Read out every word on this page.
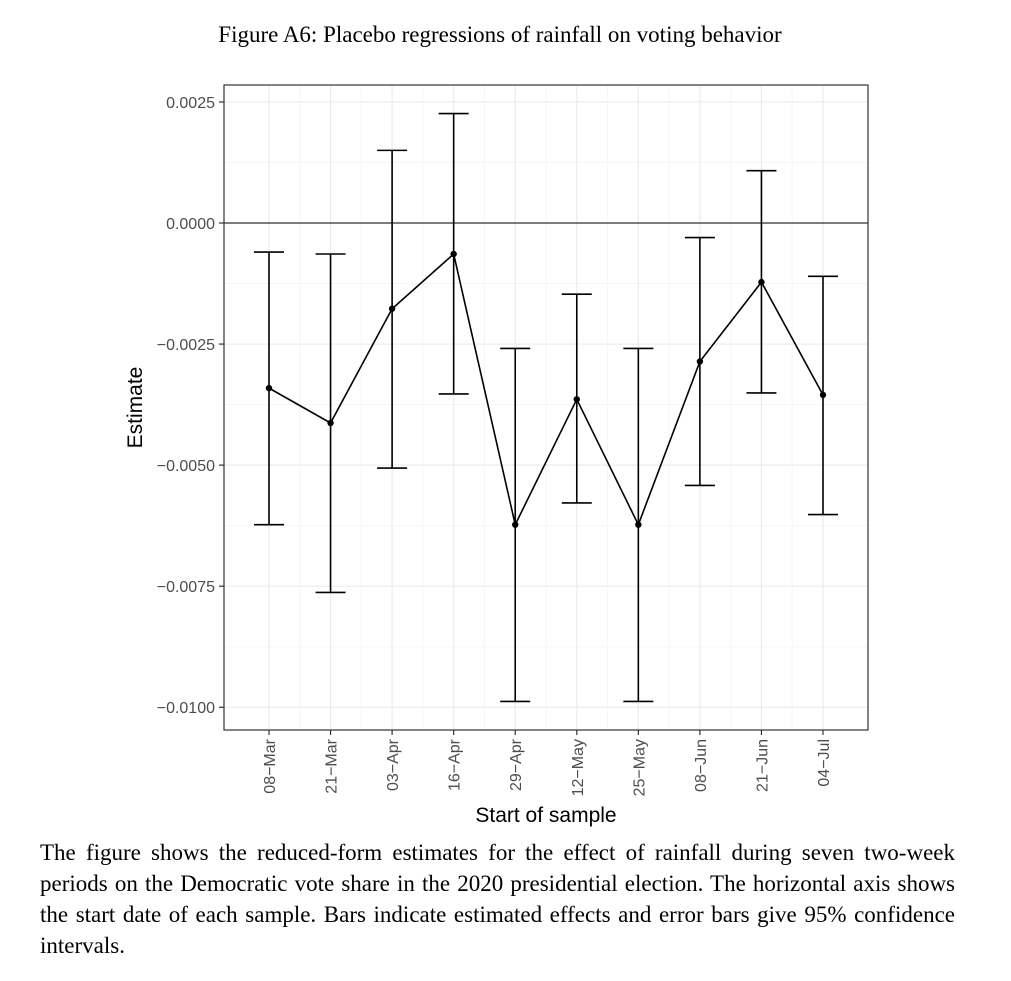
Figure A6: Placebo regressions of rainfall on voting behavior
0.0025
0.0000
−0.0025
−0.0050
−0.0075
−0.0100
08−Mar	21−Mar	03−Apr	16−Apr	29−Apr	12−May	25−May	08−Jun	21−Jun	04−Jul
Estimate
Start of sample

The figure shows the reduced-form estimates for the effect of rainfall during seven two-week periods on the Democratic vote share in the 2020 presidential election. The horizontal axis shows the start date of each sample. Bars indicate estimated effects and error bars give 95% confidence intervals.
